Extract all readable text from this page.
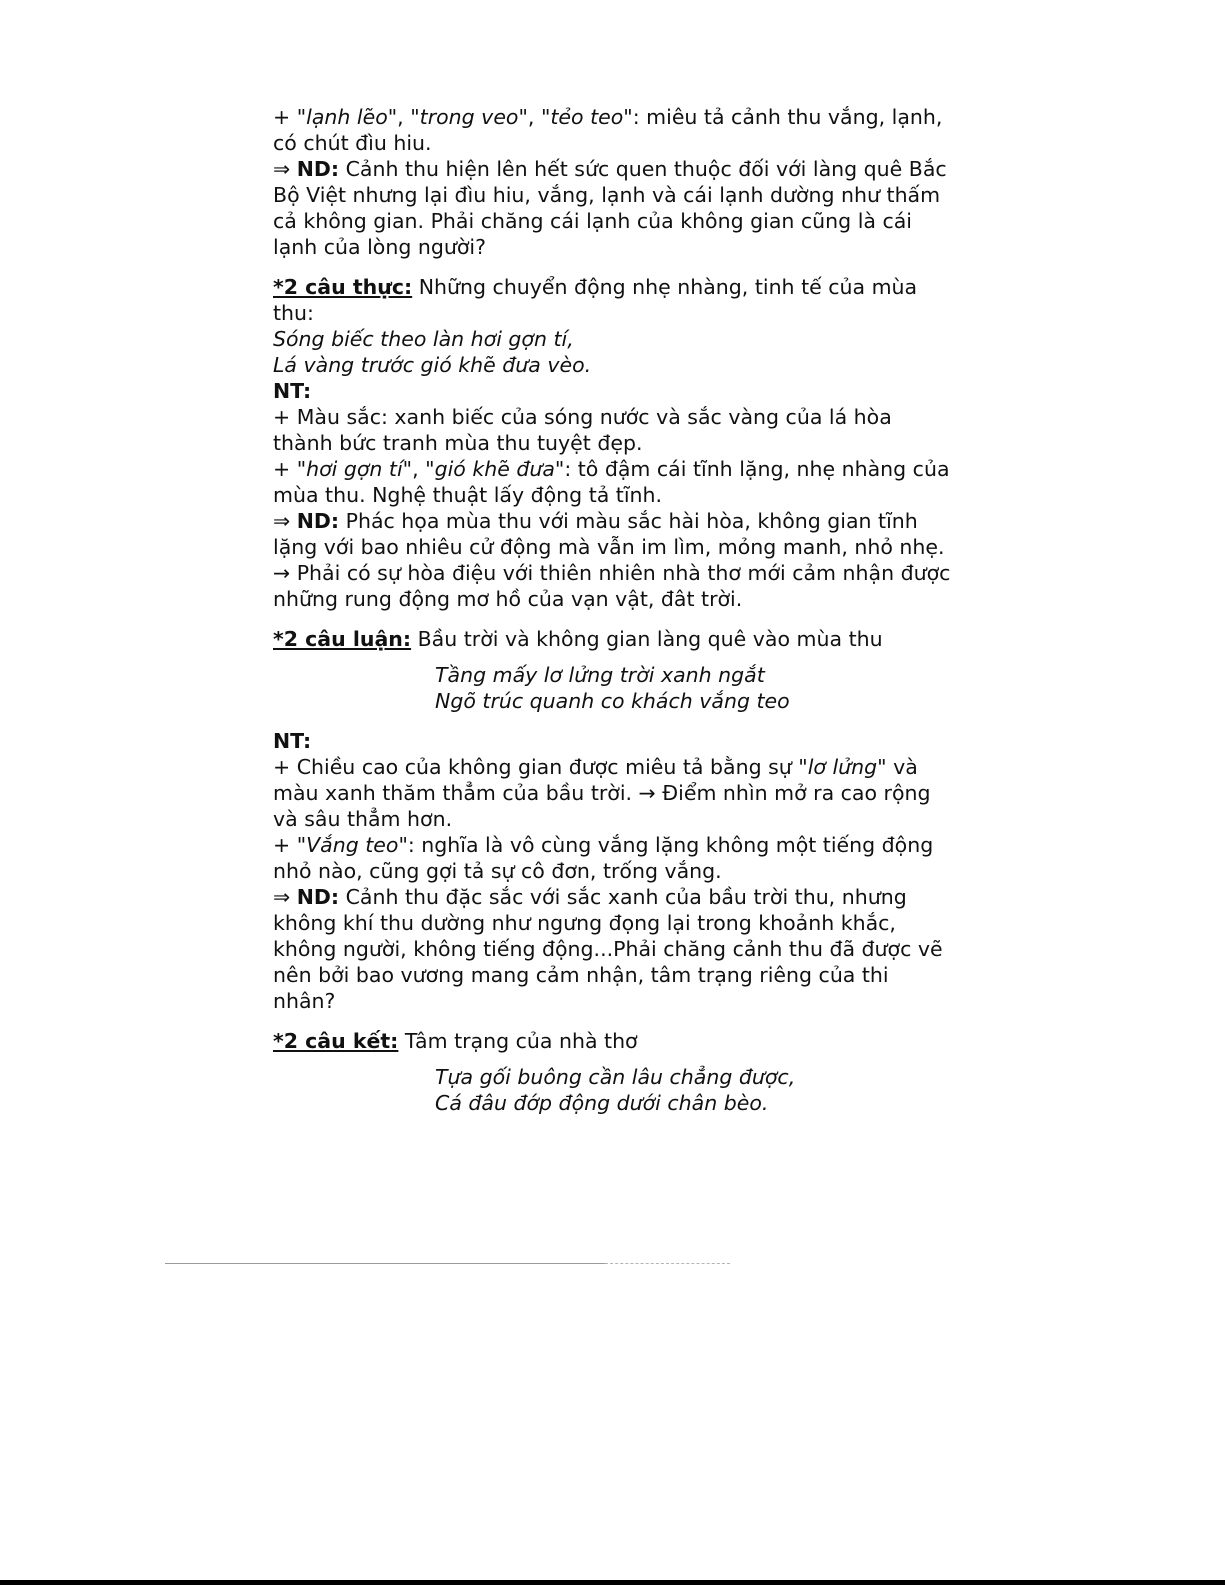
+ "lạnh lẽo", "trong veo", "tẻo teo": miêu tả cảnh thu vắng, lạnh, có chút đìu hiu.

⇒ ND: Cảnh thu hiện lên hết sức quen thuộc đối với làng quê Bắc Bộ Việt nhưng lại đìu hiu, vắng, lạnh và cái lạnh dường như thấm cả không gian. Phải chăng cái lạnh của không gian cũng là cái lạnh của lòng người?

*2 câu thực: Những chuyển động nhẹ nhàng, tinh tế của mùa thu:

Sóng biếc theo làn hơi gợn tí,

Lá vàng trước gió khẽ đưa vèo.

NT:

+ Màu sắc: xanh biếc của sóng nước và sắc vàng của lá hòa thành bức tranh mùa thu tuyệt đẹp.

+ "hơi gợn tí", "gió khẽ đưa": tô đậm cái tĩnh lặng, nhẹ nhàng của mùa thu. Nghệ thuật lấy động tả tĩnh.

⇒ ND: Phác họa mùa thu với màu sắc hài hòa, không gian tĩnh lặng với bao nhiêu cử động mà vẫn im lìm, mỏng manh, nhỏ nhẹ. → Phải có sự hòa điệu với thiên nhiên nhà thơ mới cảm nhận được những rung động mơ hồ của vạn vật, đât trời.

*2 câu luận: Bầu trời và không gian làng quê vào mùa thu

Tầng mấy lơ lửng trời xanh ngắt

Ngõ trúc quanh co khách vắng teo

NT:

+ Chiều cao của không gian được miêu tả bằng sự "lơ lửng" và màu xanh thăm thẳm của bầu trời. → Điểm nhìn mở ra cao rộng và sâu thẳm hơn.

+ "Vắng teo": nghĩa là vô cùng vắng lặng không một tiếng động nhỏ nào, cũng gợi tả sự cô đơn, trống vắng.

⇒ ND: Cảnh thu đặc sắc với sắc xanh của bầu trời thu, nhưng không khí thu dường như ngưng đọng lại trong khoảnh khắc, không người, không tiếng động...Phải chăng cảnh thu đã được vẽ nên bởi bao vương mang cảm nhận, tâm trạng riêng của thi nhân?

*2 câu kết: Tâm trạng của nhà thơ

Tựa gối buông cần lâu chẳng được,

Cá đâu đớp động dưới chân bèo.
